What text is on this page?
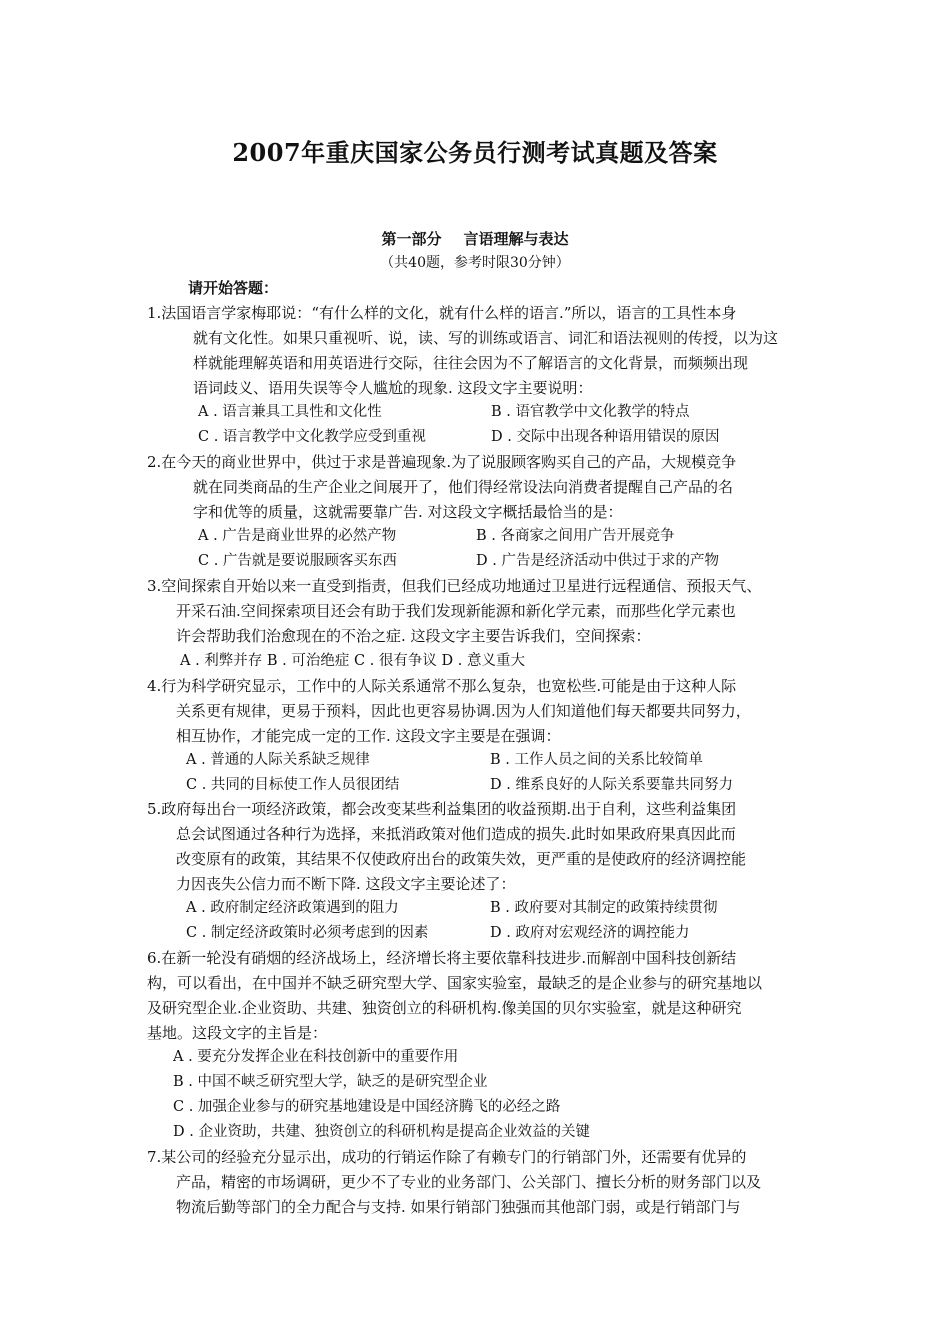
2007年重庆国家公务员行测考试真题及答案
第一部分 言语理解与表达
（共40题，参考时限30分钟）
请开始答题：
1.法国语言学家梅耶说：“有什么样的文化，就有什么样的语言.”所以，语言的工具性本身
就有文化性。如果只重视听、说，读、写的训练或语言、词汇和语法视则的传授，以为这
样就能理解英语和用英语进行交际，往往会因为不了解语言的文化背景，而频频出现
语词歧义、语用失误等令人尴尬的现象. 这段文字主要说明：
A . 语言兼具工具性和文化性	B . 语官教学中文化教学的特点
C . 语言教学中文化教学应受到重视	D . 交际中出现各种语用错误的原因
2.在今天的商业世界中，供过于求是普遍现象.为了说服顾客购买自己的产品，大规模竞争
就在同类商品的生产企业之间展开了，他们得经常设法向消费者提醒自己产品的名
字和优等的质量，这就需要靠广告. 对这段文字概括最恰当的是：
A . 广告是商业世界的必然产物	B . 各商家之间用广告开展竞争
C . 广告就是要说服顾客买东西	D . 广告是经济活动中供过于求的产物
3.空间探索自开始以来一直受到指责，但我们已经成功地通过卫星进行远程通信、预报天气、
开采石油.空间探索项目还会有助于我们发现新能源和新化学元素，而那些化学元素也
许会帮助我们治愈现在的不治之症. 这段文字主要告诉我们，空间探索：
A . 利弊并存 B . 可治绝症 C . 很有争议 D . 意义重大
4.行为科学研究显示，工作中的人际关系通常不那么复杂，也宽松些.可能是由于这种人际
关系更有规律，更易于预料，因此也更容易协调.因为人们知道他们每天都要共同努力，
相互协作，才能完成一定的工作. 这段文字主要是在强调：
A . 普通的人际关系缺乏规律	B . 工作人员之间的关系比较简单
C . 共同的目标使工作人员很团结	D . 维系良好的人际关系要靠共同努力
5.政府每出台一项经济政策，都会改变某些利益集团的收益预期.出于自利，这些利益集团
总会试图通过各种行为选择，来抵消政策对他们造成的损失.此时如果政府果真因此而
改变原有的政策，其结果不仅使政府出台的政策失效，更严重的是使政府的经济调控能
力因丧失公信力而不断下降. 这段文字主要论述了：
A . 政府制定经济政策遇到的阻力	B . 政府要对其制定的政策持续贯彻
C . 制定经济政策时必须考虑到的因素	D . 政府对宏观经济的调控能力
6.在新一轮没有硝烟的经济战场上，经济增长将主要依靠科技进步.而解剖中国科技创新结
构，可以看出，在中国并不缺乏研究型大学、国家实验室，最缺乏的是企业参与的研究基地以
及研究型企业.企业资助、共建、独资创立的科研机构.像美国的贝尔实验室，就是这种研究
基地。这段文字的主旨是：
A . 要充分发挥企业在科技创新中的重要作用
B . 中国不峡乏研究型大学，缺乏的是研究型企业
C . 加强企业参与的研究基地建设是中国经济腾飞的必经之路
D . 企业资助，共建、独资创立的科研机构是提高企业效益的关键
7.某公司的经验充分显示出，成功的行销运作除了有赖专门的行销部门外，还需要有优异的
产品，精密的市场调研，更少不了专业的业务部门、公关部门、擅长分析的财务部门以及
物流后勤等部门的全力配合与支持. 如果行销部门独强而其他部门弱，或是行销部门与
